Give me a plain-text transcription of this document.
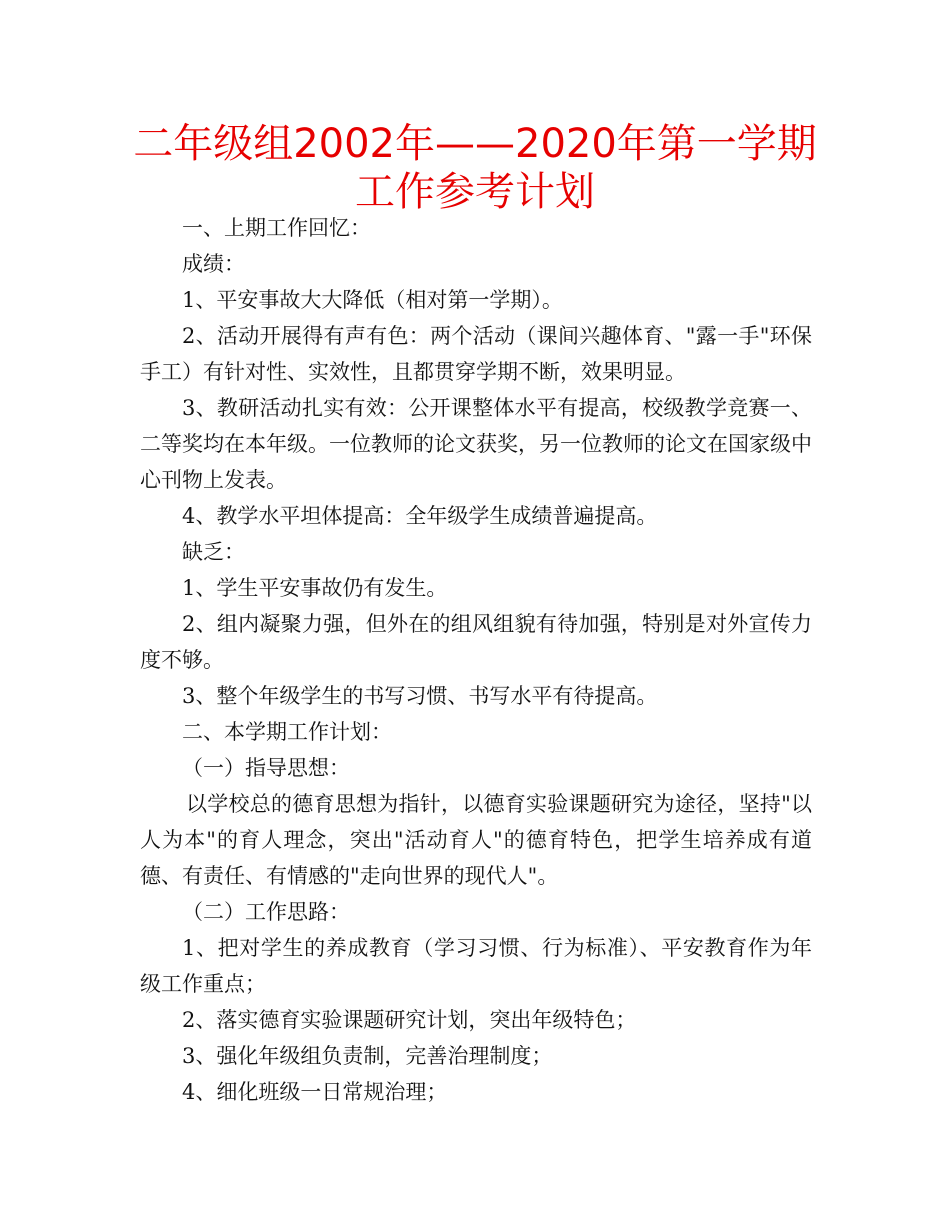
二年级组2002年——2020年第一学期工作参考计划

一、上期工作回忆：

成绩：

1、平安事故大大降低（相对第一学期）。

2、活动开展得有声有色：两个活动（课间兴趣体育、"露一手"环保手工）有针对性、实效性，且都贯穿学期不断，效果明显。

3、教研活动扎实有效：公开课整体水平有提高，校级教学竞赛一、二等奖均在本年级。一位教师的论文获奖，另一位教师的论文在国家级中心刊物上发表。

4、教学水平坦体提高：全年级学生成绩普遍提高。

缺乏：

1、学生平安事故仍有发生。

2、组内凝聚力强，但外在的组风组貌有待加强，特别是对外宣传力度不够。

3、整个年级学生的书写习惯、书写水平有待提高。

二、本学期工作计划：

（一）指导思想：

以学校总的德育思想为指针，以德育实验课题研究为途径，坚持"以人为本"的育人理念，突出"活动育人"的德育特色，把学生培养成有道德、有责任、有情感的"走向世界的现代人"。

（二）工作思路：

1、把对学生的养成教育（学习习惯、行为标准）、平安教育作为年级工作重点；

2、落实德育实验课题研究计划，突出年级特色；

3、强化年级组负责制，完善治理制度；

4、细化班级一日常规治理；
